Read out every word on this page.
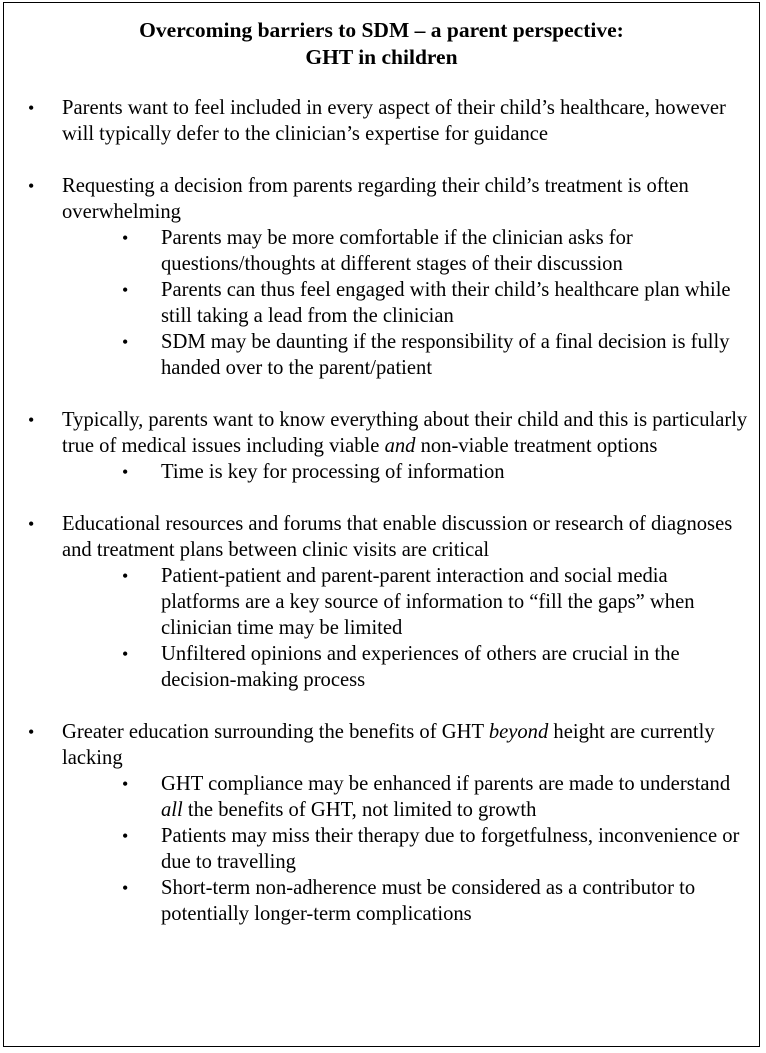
Overcoming barriers to SDM – a parent perspective:
GHT in children
• Parents want to feel included in every aspect of their child’s healthcare, however will typically defer to the clinician’s expertise for guidance
• Requesting a decision from parents regarding their child’s treatment is often overwhelming
• Parents may be more comfortable if the clinician asks for questions/thoughts at different stages of their discussion
• Parents can thus feel engaged with their child’s healthcare plan while still taking a lead from the clinician
• SDM may be daunting if the responsibility of a final decision is fully handed over to the parent/patient
• Typically, parents want to know everything about their child and this is particularly true of medical issues including viable and non-viable treatment options
• Time is key for processing of information
• Educational resources and forums that enable discussion or research of diagnoses and treatment plans between clinic visits are critical
• Patient-patient and parent-parent interaction and social media platforms are a key source of information to “fill the gaps” when clinician time may be limited
• Unfiltered opinions and experiences of others are crucial in the decision-making process
• Greater education surrounding the benefits of GHT beyond height are currently lacking
• GHT compliance may be enhanced if parents are made to understand all the benefits of GHT, not limited to growth
• Patients may miss their therapy due to forgetfulness, inconvenience or due to travelling
• Short-term non-adherence must be considered as a contributor to potentially longer-term complications
